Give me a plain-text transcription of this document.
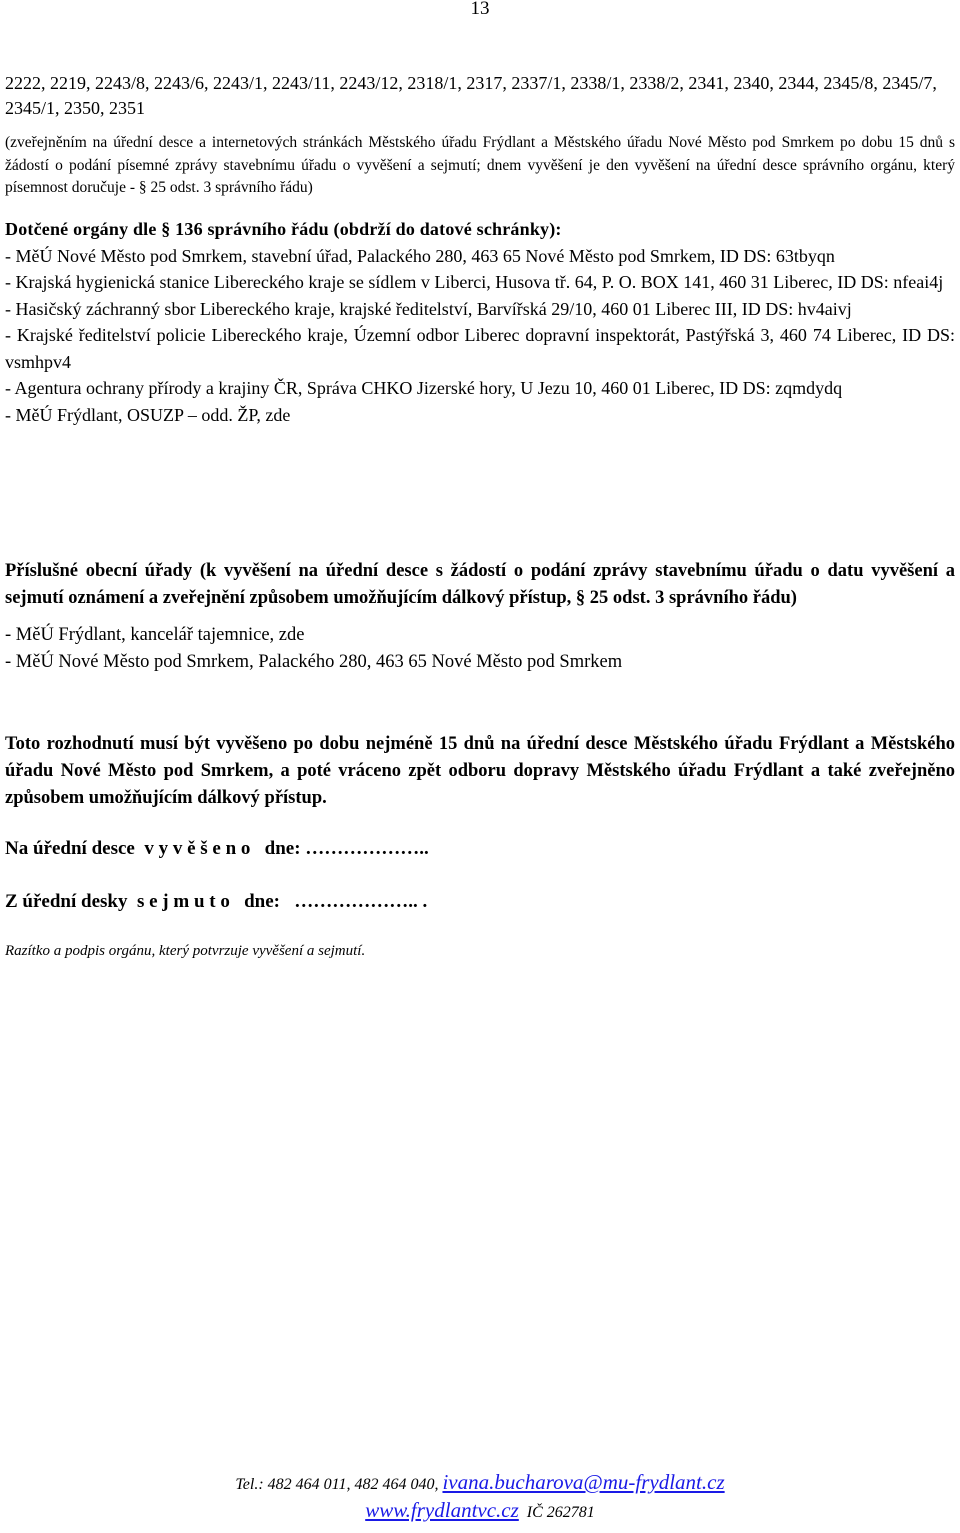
13
2222, 2219, 2243/8, 2243/6, 2243/1, 2243/11, 2243/12, 2318/1, 2317, 2337/1, 2338/1, 2338/2, 2341, 2340, 2344, 2345/8, 2345/7, 2345/1, 2350, 2351
(zveřejněním na úřední desce a internetových stránkách Městského úřadu Frýdlant a Městského úřadu Nové Město pod Smrkem po dobu 15 dnů s žádostí o podání písemné zprávy stavebnímu úřadu o vyvěšení a sejmutí; dnem vyvěšení je den vyvěšení na úřední desce správního orgánu, který písemnost doručuje - § 25 odst. 3 správního řádu)
Dotčené orgány dle § 136 správního řádu (obdrží do datové schránky):
- MěÚ Nové Město pod Smrkem, stavební úřad, Palackého 280, 463 65 Nové Město pod Smrkem, ID DS: 63tbyqn
- Krajská hygienická stanice Libereckého kraje se sídlem v Liberci, Husova tř. 64, P. O. BOX 141, 460 31 Liberec, ID DS: nfeai4j
- Hasičský záchranný sbor Libereckého kraje, krajské ředitelství, Barvířská 29/10, 460 01 Liberec III, ID DS: hv4aivj
- Krajské ředitelství policie Libereckého kraje, Územní odbor Liberec dopravní inspektorát, Pastýřská 3, 460 74 Liberec, ID DS: vsmhpv4
- Agentura ochrany přírody a krajiny ČR, Správa CHKO Jizerské hory, U Jezu 10, 460 01 Liberec, ID DS: zqmdydq
- MěÚ Frýdlant, OSUZP – odd. ŽP, zde
Příslušné obecní úřady (k vyvěšení na úřední desce s žádostí o podání zprávy stavebnímu úřadu o datu vyvěšení a sejmutí oznámení a zveřejnění způsobem umožňujícím dálkový přístup, § 25 odst. 3 správního řádu)
- MěÚ Frýdlant, kancelář tajemnice, zde
- MěÚ Nové Město pod Smrkem, Palackého 280, 463 65 Nové Město pod Smrkem
Toto rozhodnutí musí být vyvěšeno po dobu nejméně 15 dnů na úřední desce Městského úřadu Frýdlant a Městského úřadu Nové Město pod Smrkem, a poté vráceno zpět odboru dopravy Městského úřadu Frýdlant a také zveřejněno způsobem umožňujícím dálkový přístup.
Na úřední desce  v y v ě š e n o   dne: ………………..
Z úřední desky  s e j m u t o   dne:   ……………….. .
Razítko a podpis orgánu, který potvrzuje vyvěšení a sejmutí.
Tel.: 482 464 011, 482 464 040, ivana.bucharova@mu-frydlant.cz
www.frydlantvc.cz IČ 262781
